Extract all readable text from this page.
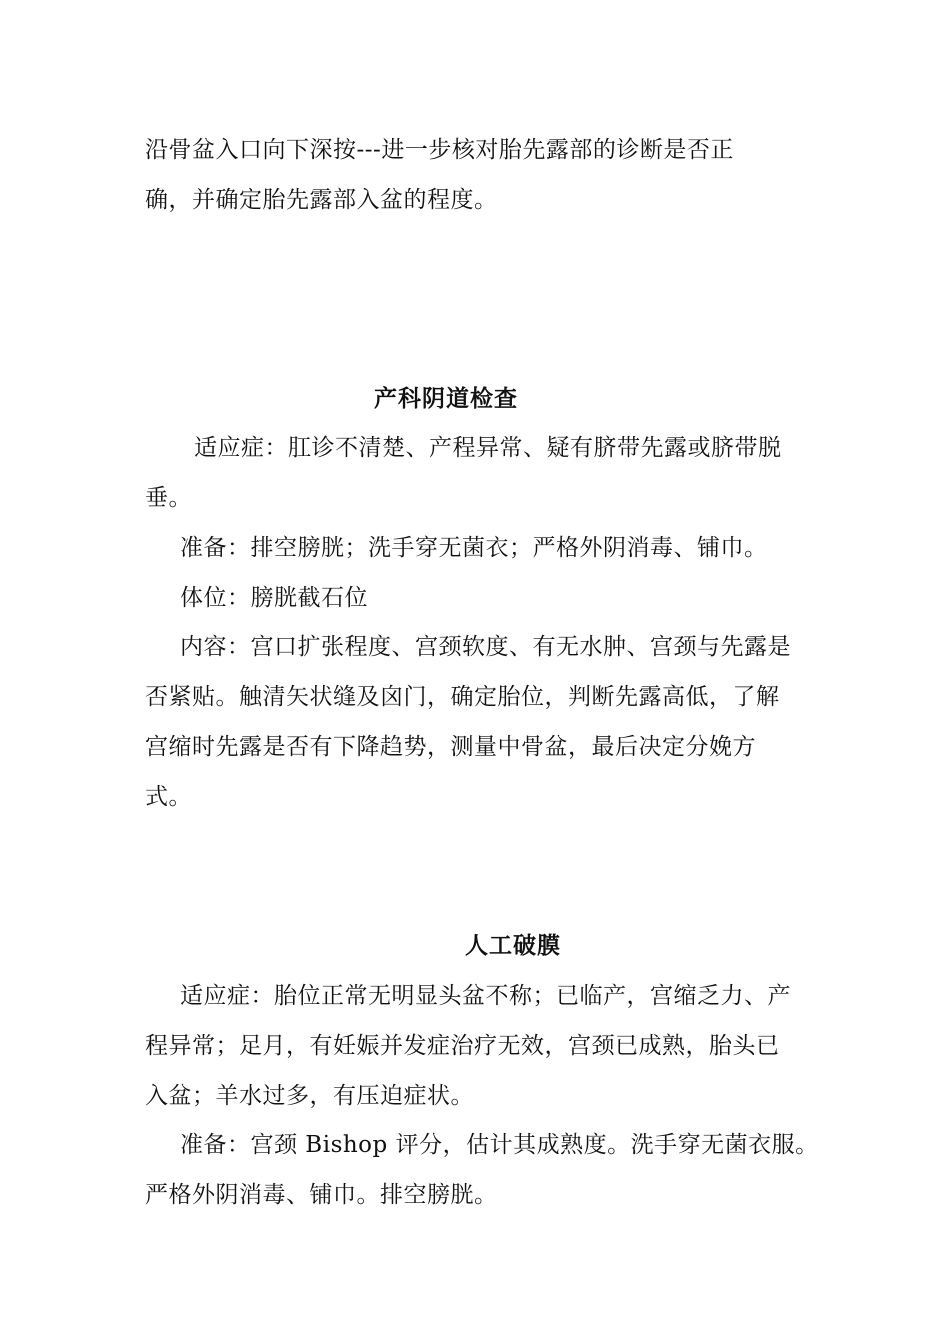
沿骨盆入口向下深按---进一步核对胎先露部的诊断是否正
确，并确定胎先露部入盆的程度。
产科阴道检查
适应症：肛诊不清楚、产程异常、疑有脐带先露或脐带脱
垂。
准备：排空膀胱；洗手穿无菌衣；严格外阴消毒、铺巾。
体位：膀胱截石位
内容：宫口扩张程度、宫颈软度、有无水肿、宫颈与先露是
否紧贴。触清矢状缝及囟门，确定胎位，判断先露高低，了解
宫缩时先露是否有下降趋势，测量中骨盆，最后决定分娩方
式。
人工破膜
适应症：胎位正常无明显头盆不称；已临产，宫缩乏力、产
程异常；足月，有妊娠并发症治疗无效，宫颈已成熟，胎头已
入盆；羊水过多，有压迫症状。
准备：宫颈 Bishop 评分，估计其成熟度。洗手穿无菌衣服。
严格外阴消毒、铺巾。排空膀胱。
